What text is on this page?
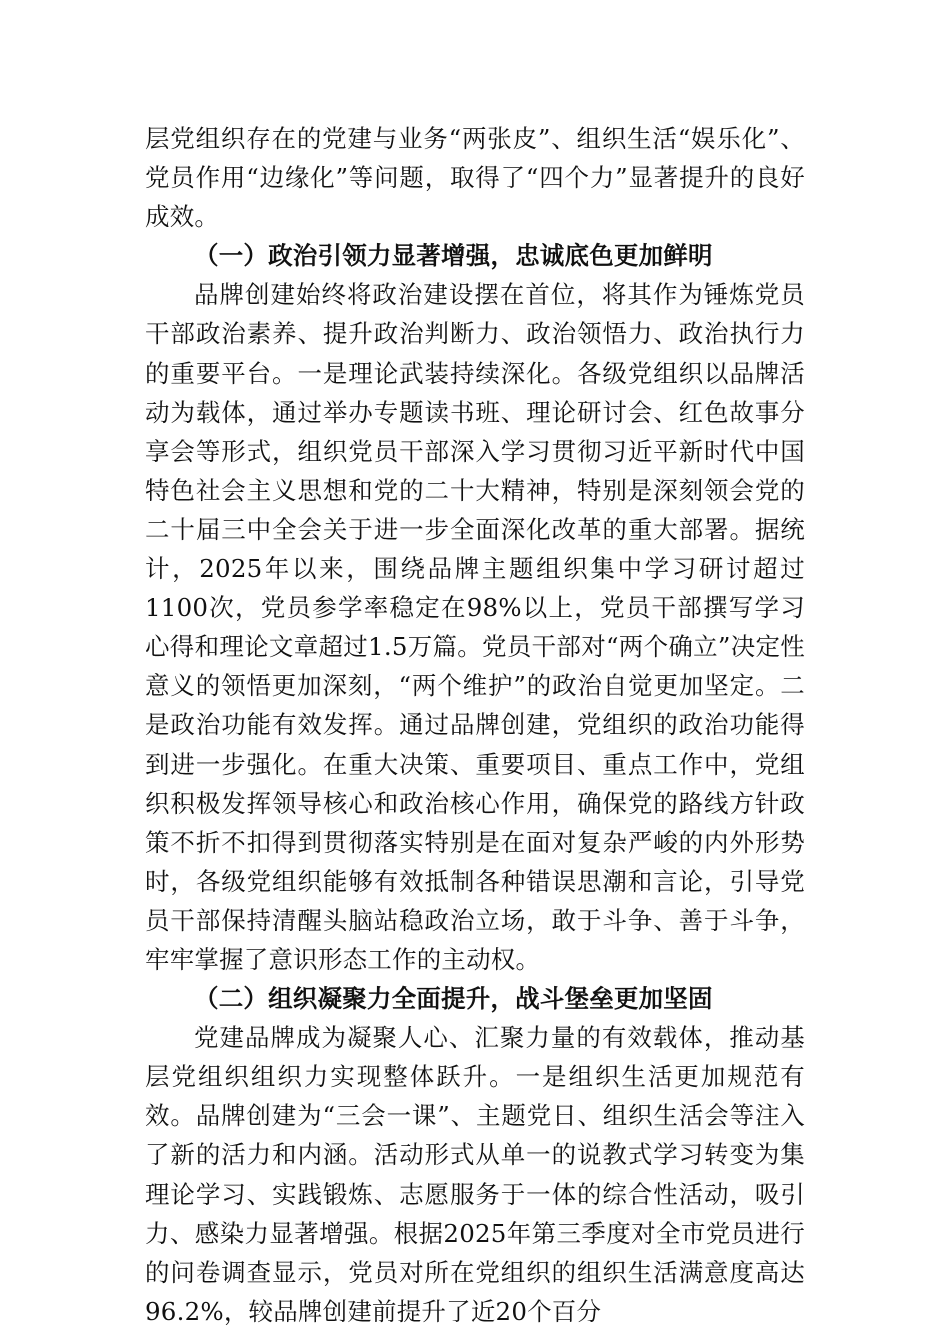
层党组织存在的党建与业务“两张皮”、组织生活“娱乐化”、党员作用“边缘化”等问题，取得了“四个力”显著提升的良好成效。

（一）政治引领力显著增强，忠诚底色更加鲜明

品牌创建始终将政治建设摆在首位，将其作为锤炼党员干部政治素养、提升政治判断力、政治领悟力、政治执行力的重要平台。一是理论武装持续深化。各级党组织以品牌活动为载体，通过举办专题读书班、理论研讨会、红色故事分享会等形式，组织党员干部深入学习贯彻习近平新时代中国特色社会主义思想和党的二十大精神，特别是深刻领会党的二十届三中全会关于进一步全面深化改革的重大部署。据统计，2025年以来，围绕品牌主题组织集中学习研讨超过1100次，党员参学率稳定在98%以上，党员干部撰写学习心得和理论文章超过1.5万篇。党员干部对“两个确立”决定性意义的领悟更加深刻，“两个维护”的政治自觉更加坚定。二是政治功能有效发挥。通过品牌创建，党组织的政治功能得到进一步强化。在重大决策、重要项目、重点工作中，党组织积极发挥领导核心和政治核心作用，确保党的路线方针政策不折不扣得到贯彻落实特别是在面对复杂严峻的内外形势时，各级党组织能够有效抵制各种错误思潮和言论，引导党员干部保持清醒头脑站稳政治立场，敢于斗争、善于斗争，牢牢掌握了意识形态工作的主动权。

（二）组织凝聚力全面提升，战斗堡垒更加坚固

党建品牌成为凝聚人心、汇聚力量的有效载体，推动基层党组织组织力实现整体跃升。一是组织生活更加规范有效。品牌创建为“三会一课”、主题党日、组织生活会等注入了新的活力和内涵。活动形式从单一的说教式学习转变为集理论学习、实践锻炼、志愿服务于一体的综合性活动，吸引力、感染力显著增强。根据2025年第三季度对全市党员进行的问卷调查显示，党员对所在党组织的组织生活满意度高达96.2%，较品牌创建前提升了近20个百分
